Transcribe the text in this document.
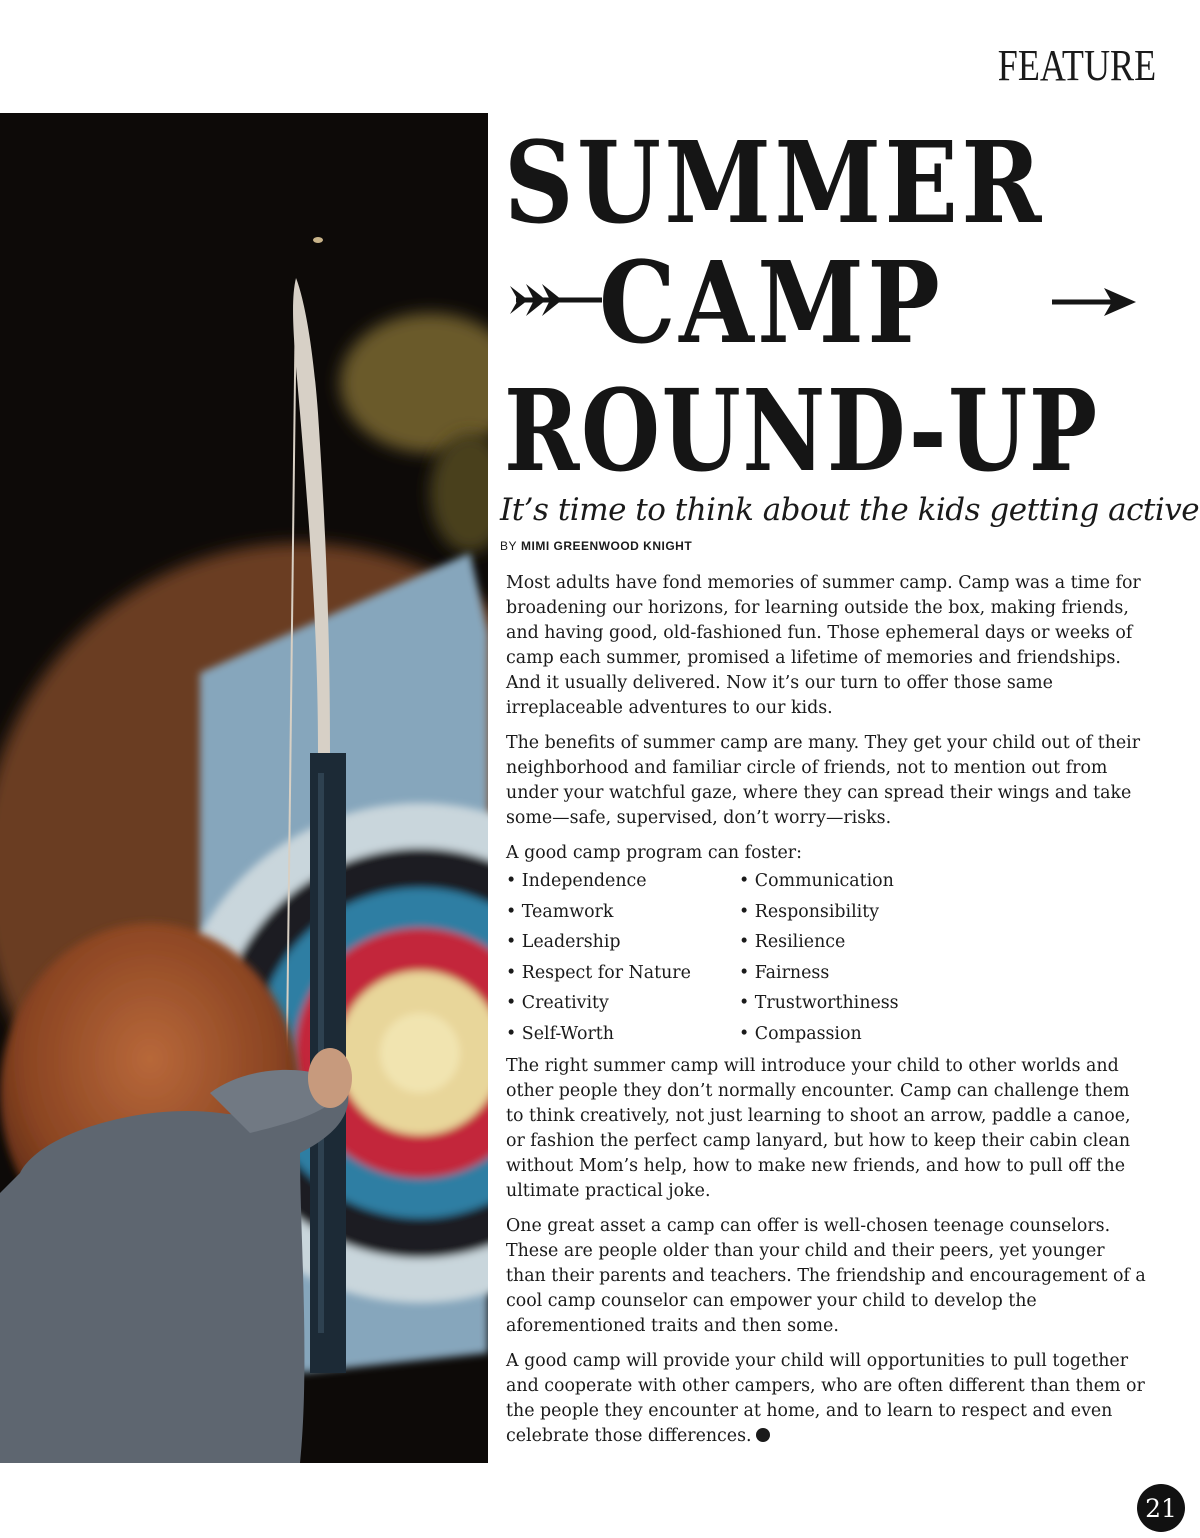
FEATURE
SUMMER
CAMP
ROUND-UP
It’s time to think about the kids getting active
BY MIMI GREENWOOD KNIGHT

Most adults have fond memories of summer camp. Camp was a time for broadening our horizons, for learning outside the box, making friends, and having good, old-fashioned fun. Those ephemeral days or weeks of camp each summer, promised a lifetime of memories and friendships. And it usually delivered. Now it’s our turn to offer those same irreplaceable adventures to our kids.

The benefits of summer camp are many. They get your child out of their neighborhood and familiar circle of friends, not to mention out from under your watchful gaze, where they can spread their wings and take some—safe, supervised, don’t worry—risks.

A good camp program can foster:

• Independence	• Communication
• Teamwork	• Responsibility
• Leadership	• Resilience
• Respect for Nature	• Fairness
• Creativity	• Trustworthiness
• Self-Worth	• Compassion

The right summer camp will introduce your child to other worlds and other people they don’t normally encounter. Camp can challenge them to think creatively, not just learning to shoot an arrow, paddle a canoe, or fashion the perfect camp lanyard, but how to keep their cabin clean without Mom’s help, how to make new friends, and how to pull off the ultimate practical joke.

One great asset a camp can offer is well-chosen teenage counselors. These are people older than your child and their peers, yet younger than their parents and teachers. The friendship and encouragement of a cool camp counselor can empower your child to develop the aforementioned traits and then some.

A good camp will provide your child will opportunities to pull together and cooperate with other campers, who are often different than them or the people they encounter at home, and to learn to respect and even celebrate those differences.

21
